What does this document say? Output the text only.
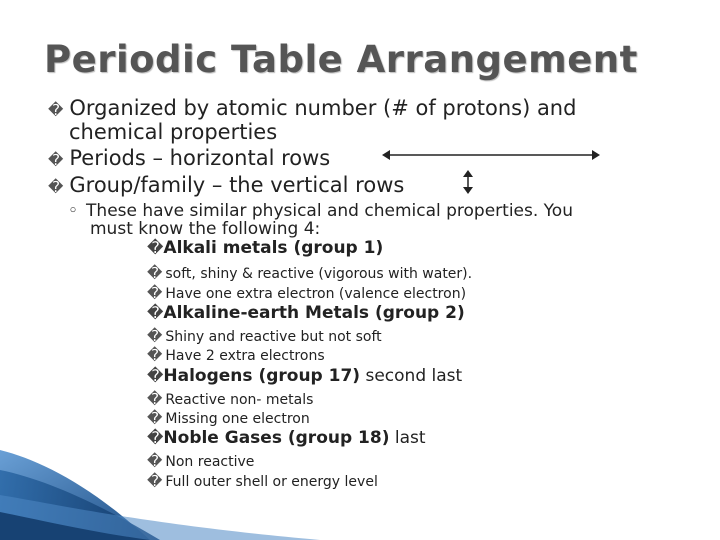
Periodic Table Arrangement
� Organized by atomic number (# of protons) and
chemical properties
� Periods – horizontal rows
� Group/family – the vertical rows
◦ These have similar physical and chemical properties. You
must know the following 4:
�Alkali metals (group 1)
� soft, shiny & reactive (vigorous with water).
� Have one extra electron (valence electron)
�Alkaline-earth Metals (group 2)
� Shiny and reactive but not soft
� Have 2 extra electrons
�Halogens (group 17) second last
� Reactive non- metals
� Missing one electron
�Noble Gases (group 18) last
� Non reactive
� Full outer shell or energy level
